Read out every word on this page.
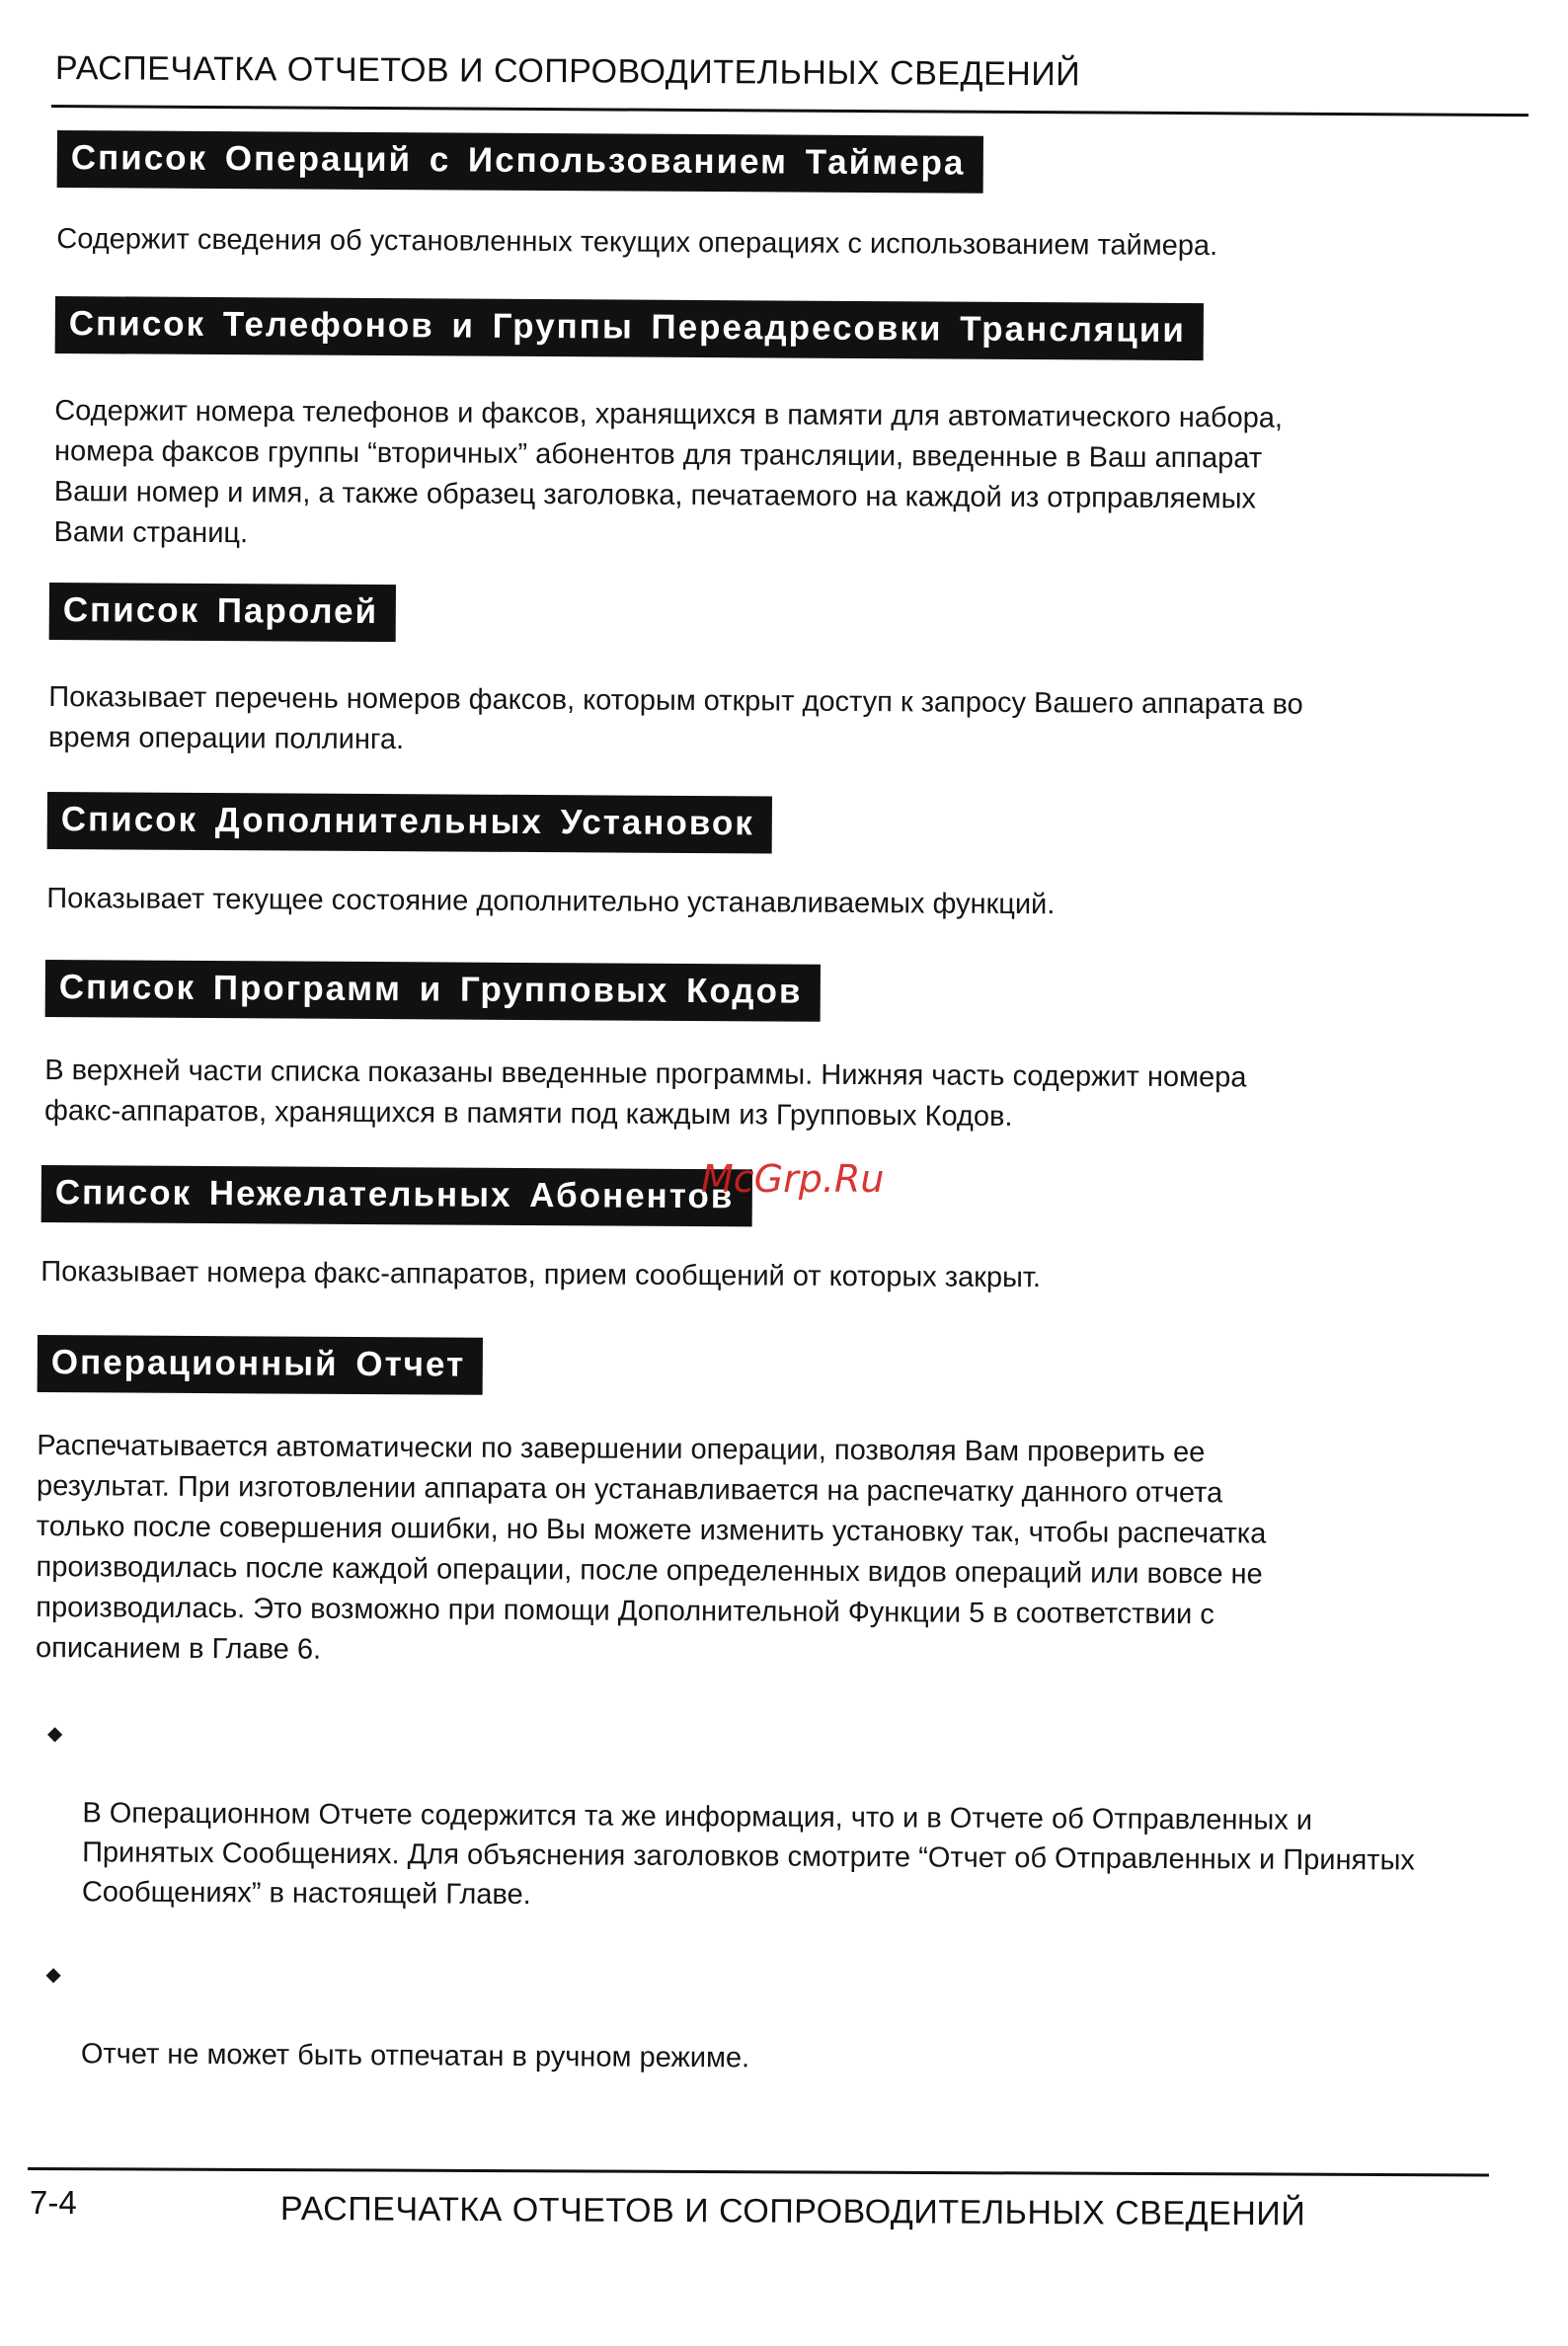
РАСПЕЧАТКА ОТЧЕТОВ И СОПРОВОДИТЕЛЬНЫХ СВЕДЕНИЙ
Список Операций с Использованием Таймера
Содержит сведения об установленных текущих операциях с использованием таймера.
Список Телефонов и Группы Переадресовки Трансляции
Содержит номера телефонов и факсов, хранящихся в памяти для автоматического набора,
номера факсов группы “вторичных” абонентов для трансляции, введенные в Ваш аппарат
Ваши номер и имя, а также образец заголовка, печатаемого на каждой из отрправляемых
Вами страниц.
Список Паролей
Показывает перечень номеров факсов, которым открыт доступ к запросу Вашего аппарата во
время операции поллинга.
Список Дополнительных Установок
Показывает текущее состояние дополнительно устанавливаемых функций.
Список Программ и Групповых Кодов
В верхней части списка показаны введенные программы. Нижняя часть содержит номера
факс-аппаратов, хранящихся в памяти под каждым из Групповых Кодов.
Список Нежелательных Абонентов
Показывает номера факс-аппаратов, прием сообщений от которых закрыт.
Операционный Отчет
Распечатывается автоматически по завершении операции, позволяя Вам проверить ее
результат. При изготовлении аппарата он устанавливается на распечатку данного отчета
только после совершения ошибки, но Вы можете изменить установку так, чтобы распечатка
производилась после каждой операции, после определенных видов операций или вовсе не
производилась. Это возможно при помощи Дополнительной Функции 5 в соответствии с
описанием в Главе 6.

◆

В Операционном Отчете содержится та же информация, что и в Отчете об Отправленных и
Принятых Сообщениях. Для объяснения заголовков смотрите “Отчет об Отправленных и Принятых
Сообщениях” в настоящей Главе.

◆

Отчет не может быть отпечатан в ручном режиме.

McGrp.Ru
7-4	РАСПЕЧАТКА ОТЧЕТОВ И СОПРОВОДИТЕЛЬНЫХ СВЕДЕНИЙ
